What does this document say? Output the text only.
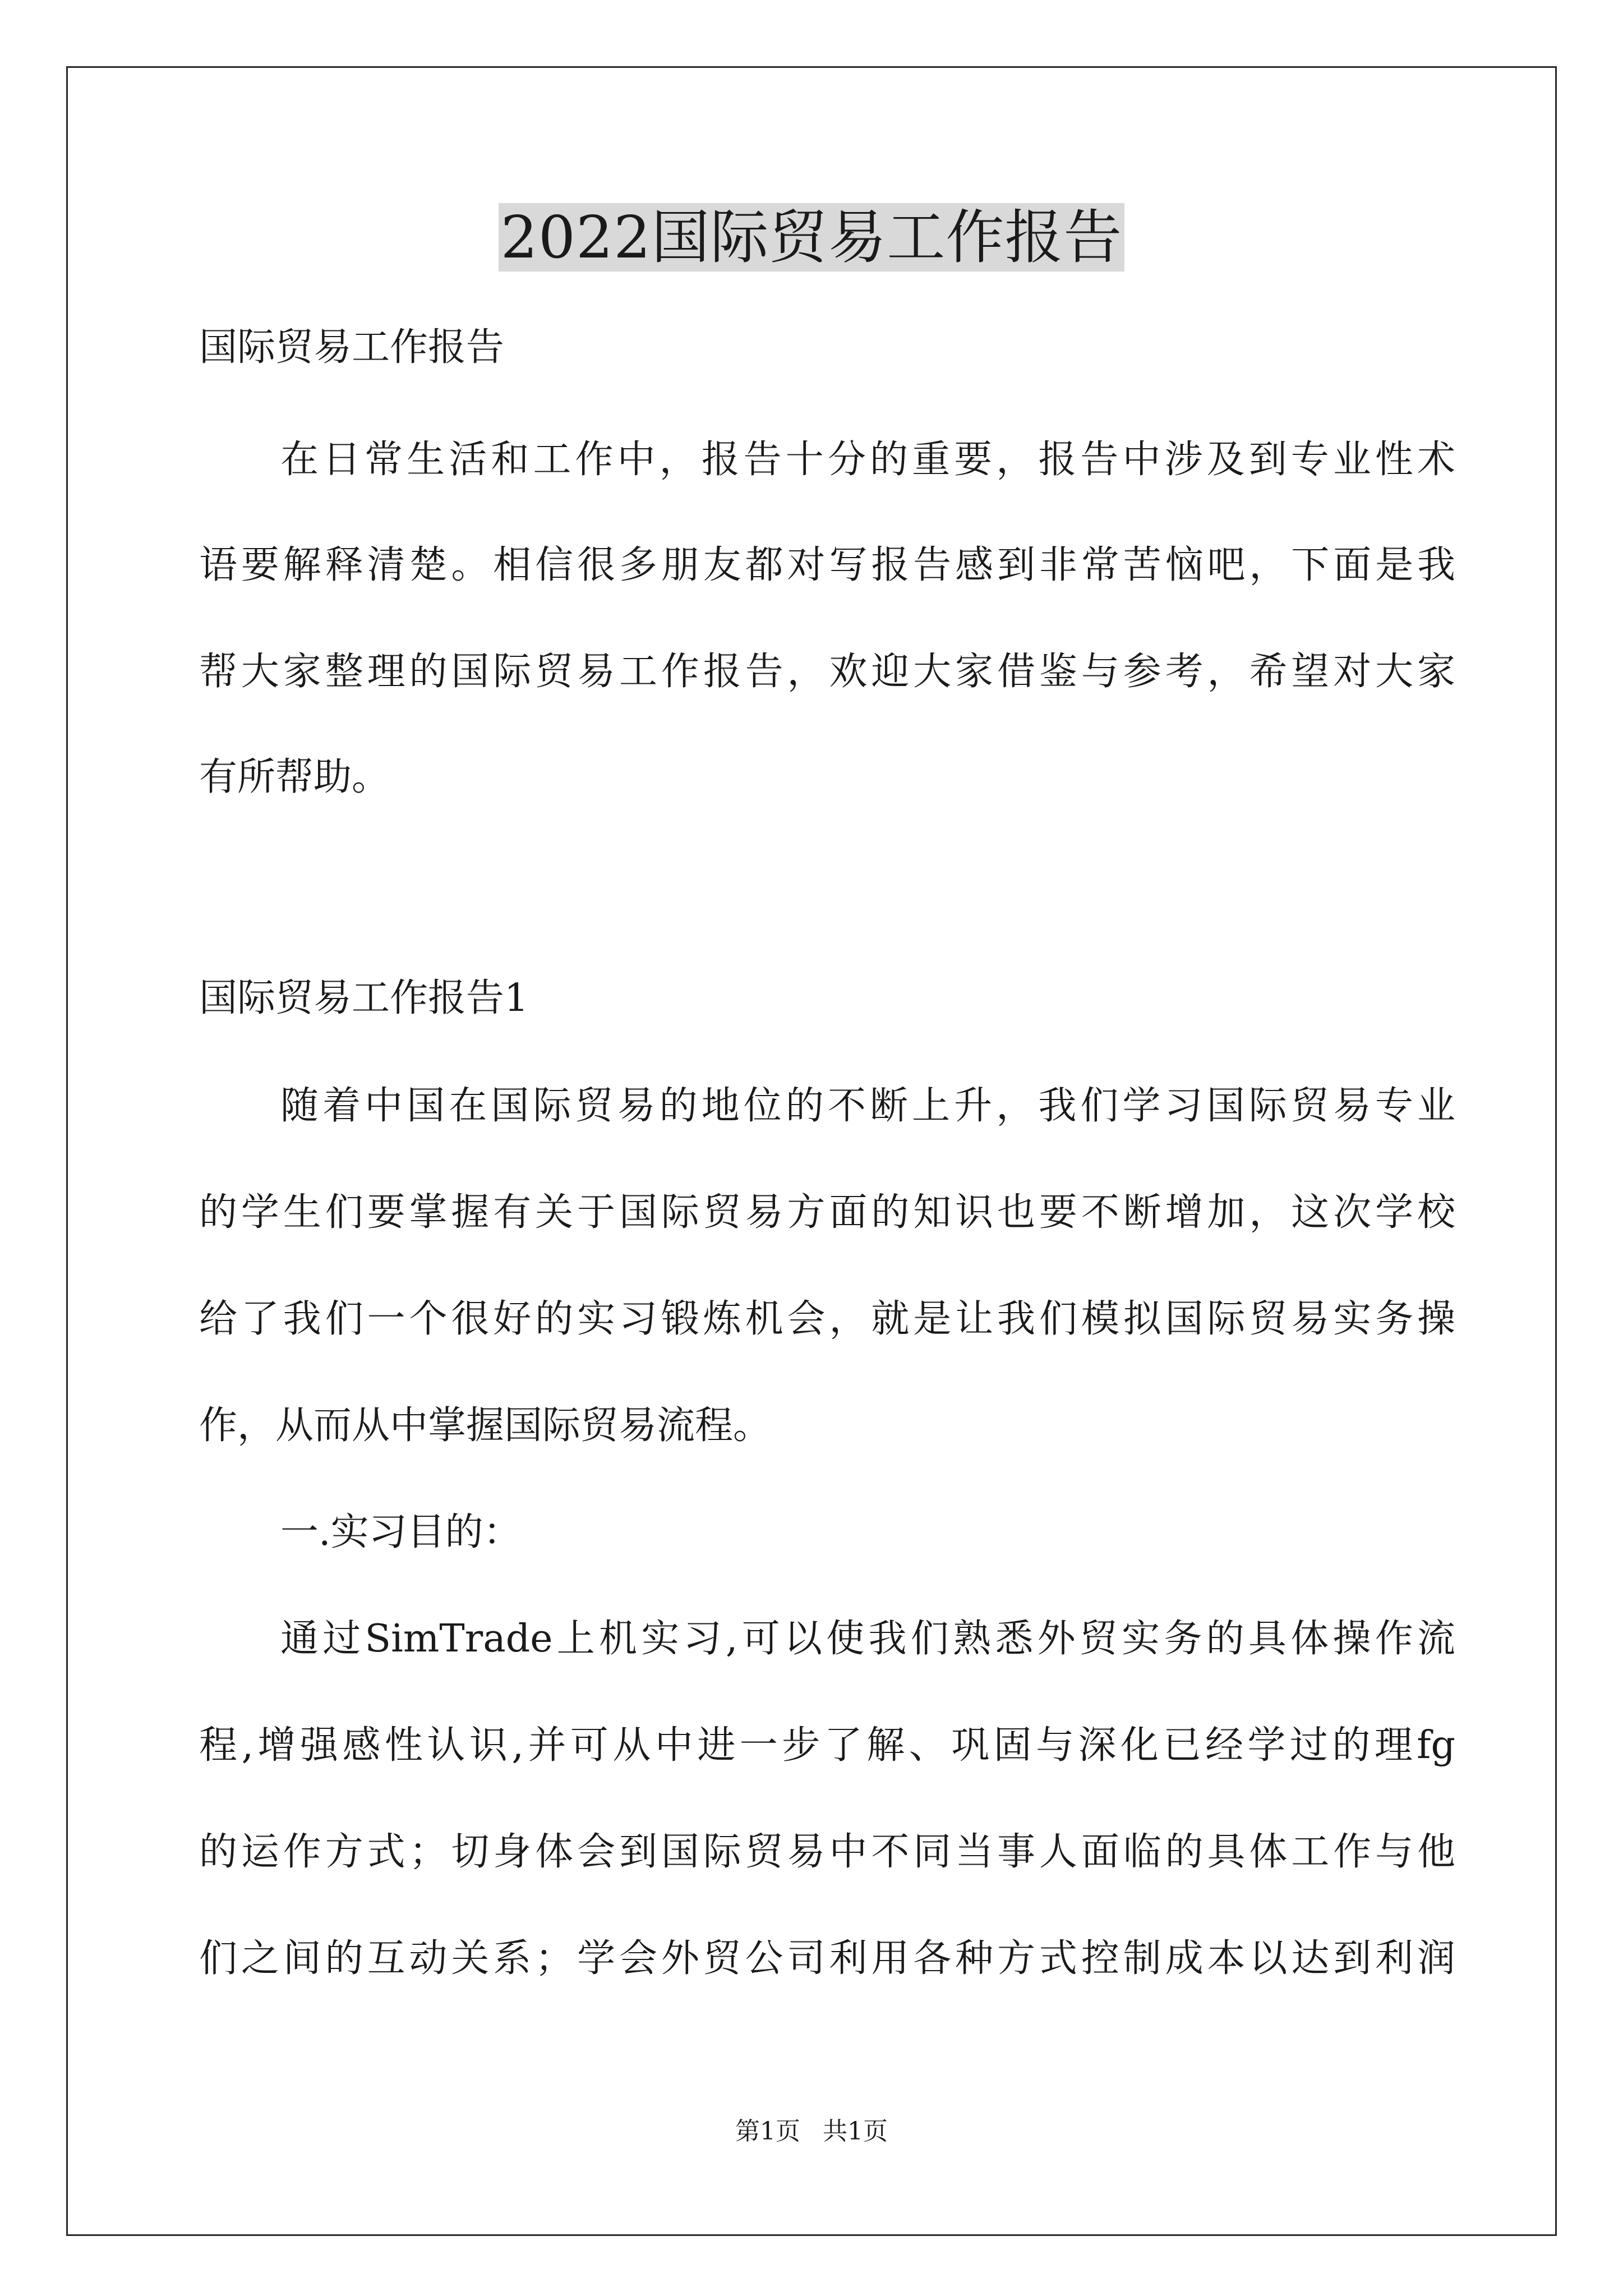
2022国际贸易工作报告
国际贸易工作报告
在日常生活和工作中，报告十分的重要，报告中涉及到专业性术
语要解释清楚。相信很多朋友都对写报告感到非常苦恼吧，下面是我
帮大家整理的国际贸易工作报告，欢迎大家借鉴与参考，希望对大家
有所帮助。
国际贸易工作报告1
随着中国在国际贸易的地位的不断上升，我们学习国际贸易专业
的学生们要掌握有关于国际贸易方面的知识也要不断增加，这次学校
给了我们一个很好的实习锻炼机会，就是让我们模拟国际贸易实务操
作，从而从中掌握国际贸易流程。
一.实习目的：
通过SimTrade上机实习,可以使我们熟悉外贸实务的具体操作流
程,增强感性认识,并可从中进一步了解、巩固与深化已经学过的理fg
的运作方式；切身体会到国际贸易中不同当事人面临的具体工作与他
们之间的互动关系；学会外贸公司利用各种方式控制成本以达到利润
第1页 共1页
